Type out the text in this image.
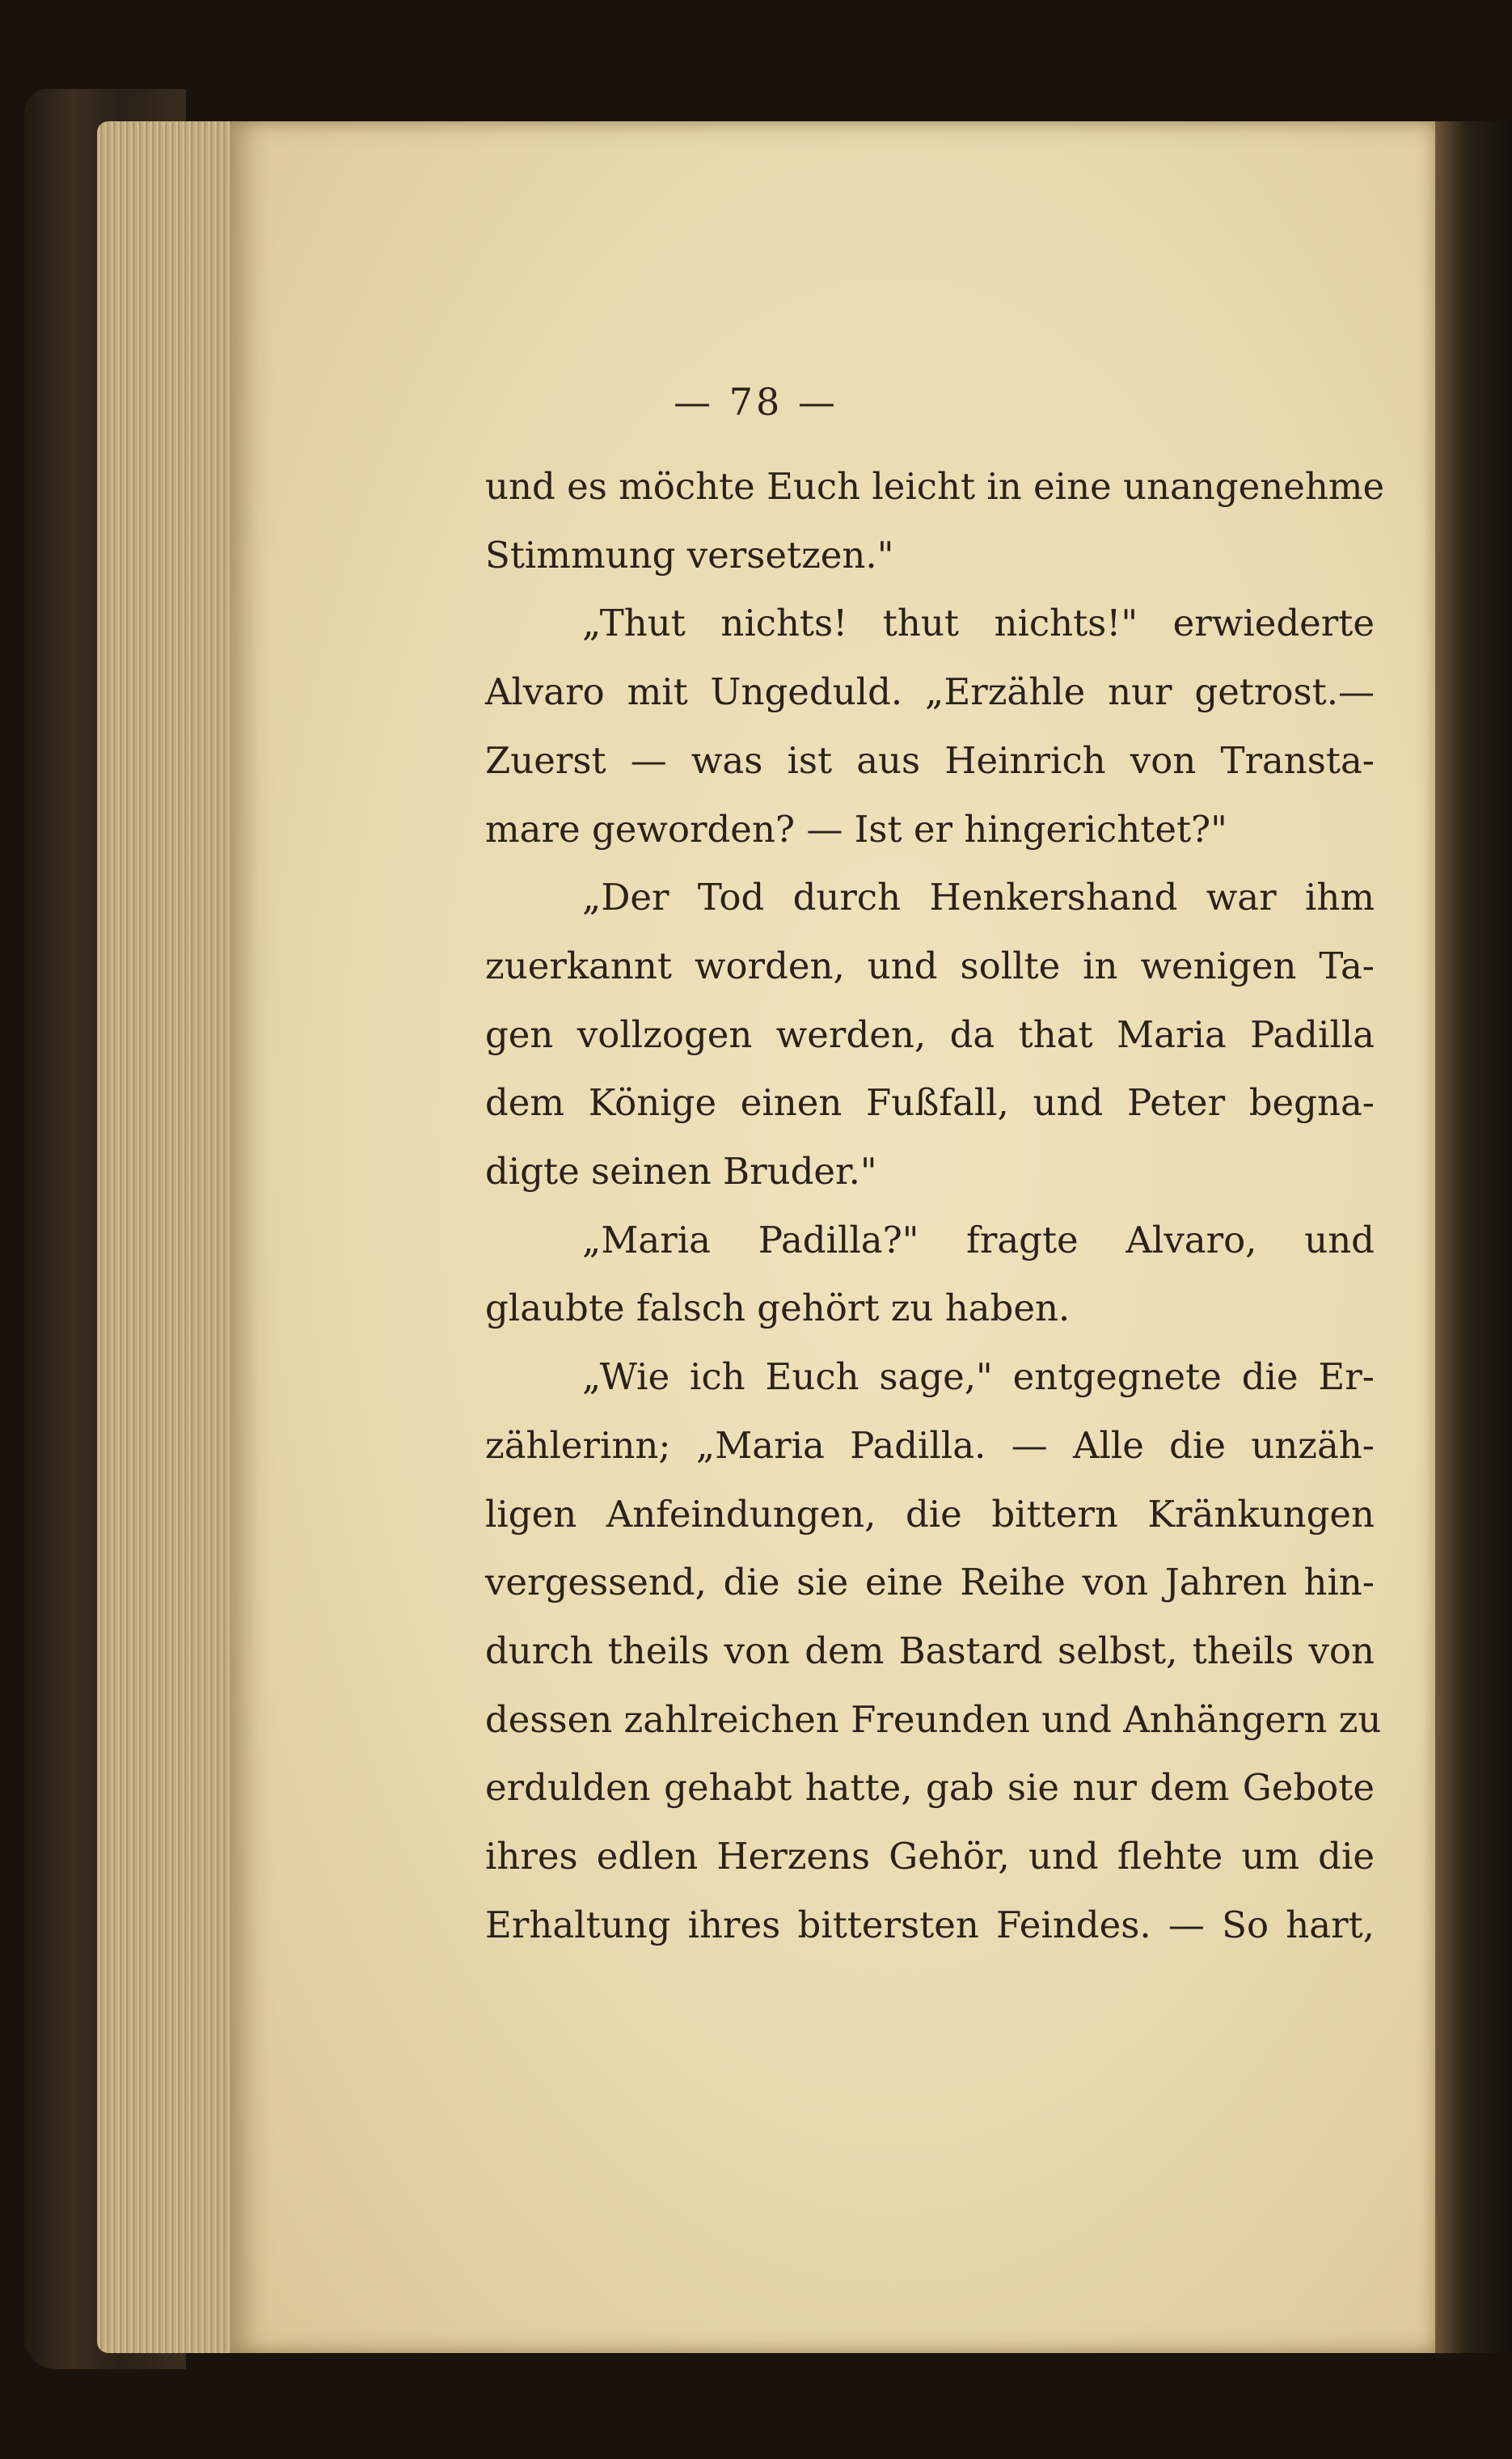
— 78 —
und es möchte Euch leicht in eine unangenehme
Stimmung versetzen."
„Thut nichts! thut nichts!" erwiederte
Alvaro mit Ungeduld. „Erzähle nur getrost.—
Zuerst — was ist aus Heinrich von Transta-
mare geworden? — Ist er hingerichtet?"
„Der Tod durch Henkershand war ihm
zuerkannt worden, und sollte in wenigen Ta-
gen vollzogen werden, da that Maria Padilla
dem Könige einen Fußfall, und Peter begna-
digte seinen Bruder."
„Maria Padilla?" fragte Alvaro, und
glaubte falsch gehört zu haben.
„Wie ich Euch sage," entgegnete die Er-
zählerinn; „Maria Padilla. — Alle die unzäh-
ligen Anfeindungen, die bittern Kränkungen
vergessend, die sie eine Reihe von Jahren hin-
durch theils von dem Bastard selbst, theils von
dessen zahlreichen Freunden und Anhängern zu
erdulden gehabt hatte, gab sie nur dem Gebote
ihres edlen Herzens Gehör, und flehte um die
Erhaltung ihres bittersten Feindes. — So hart,
